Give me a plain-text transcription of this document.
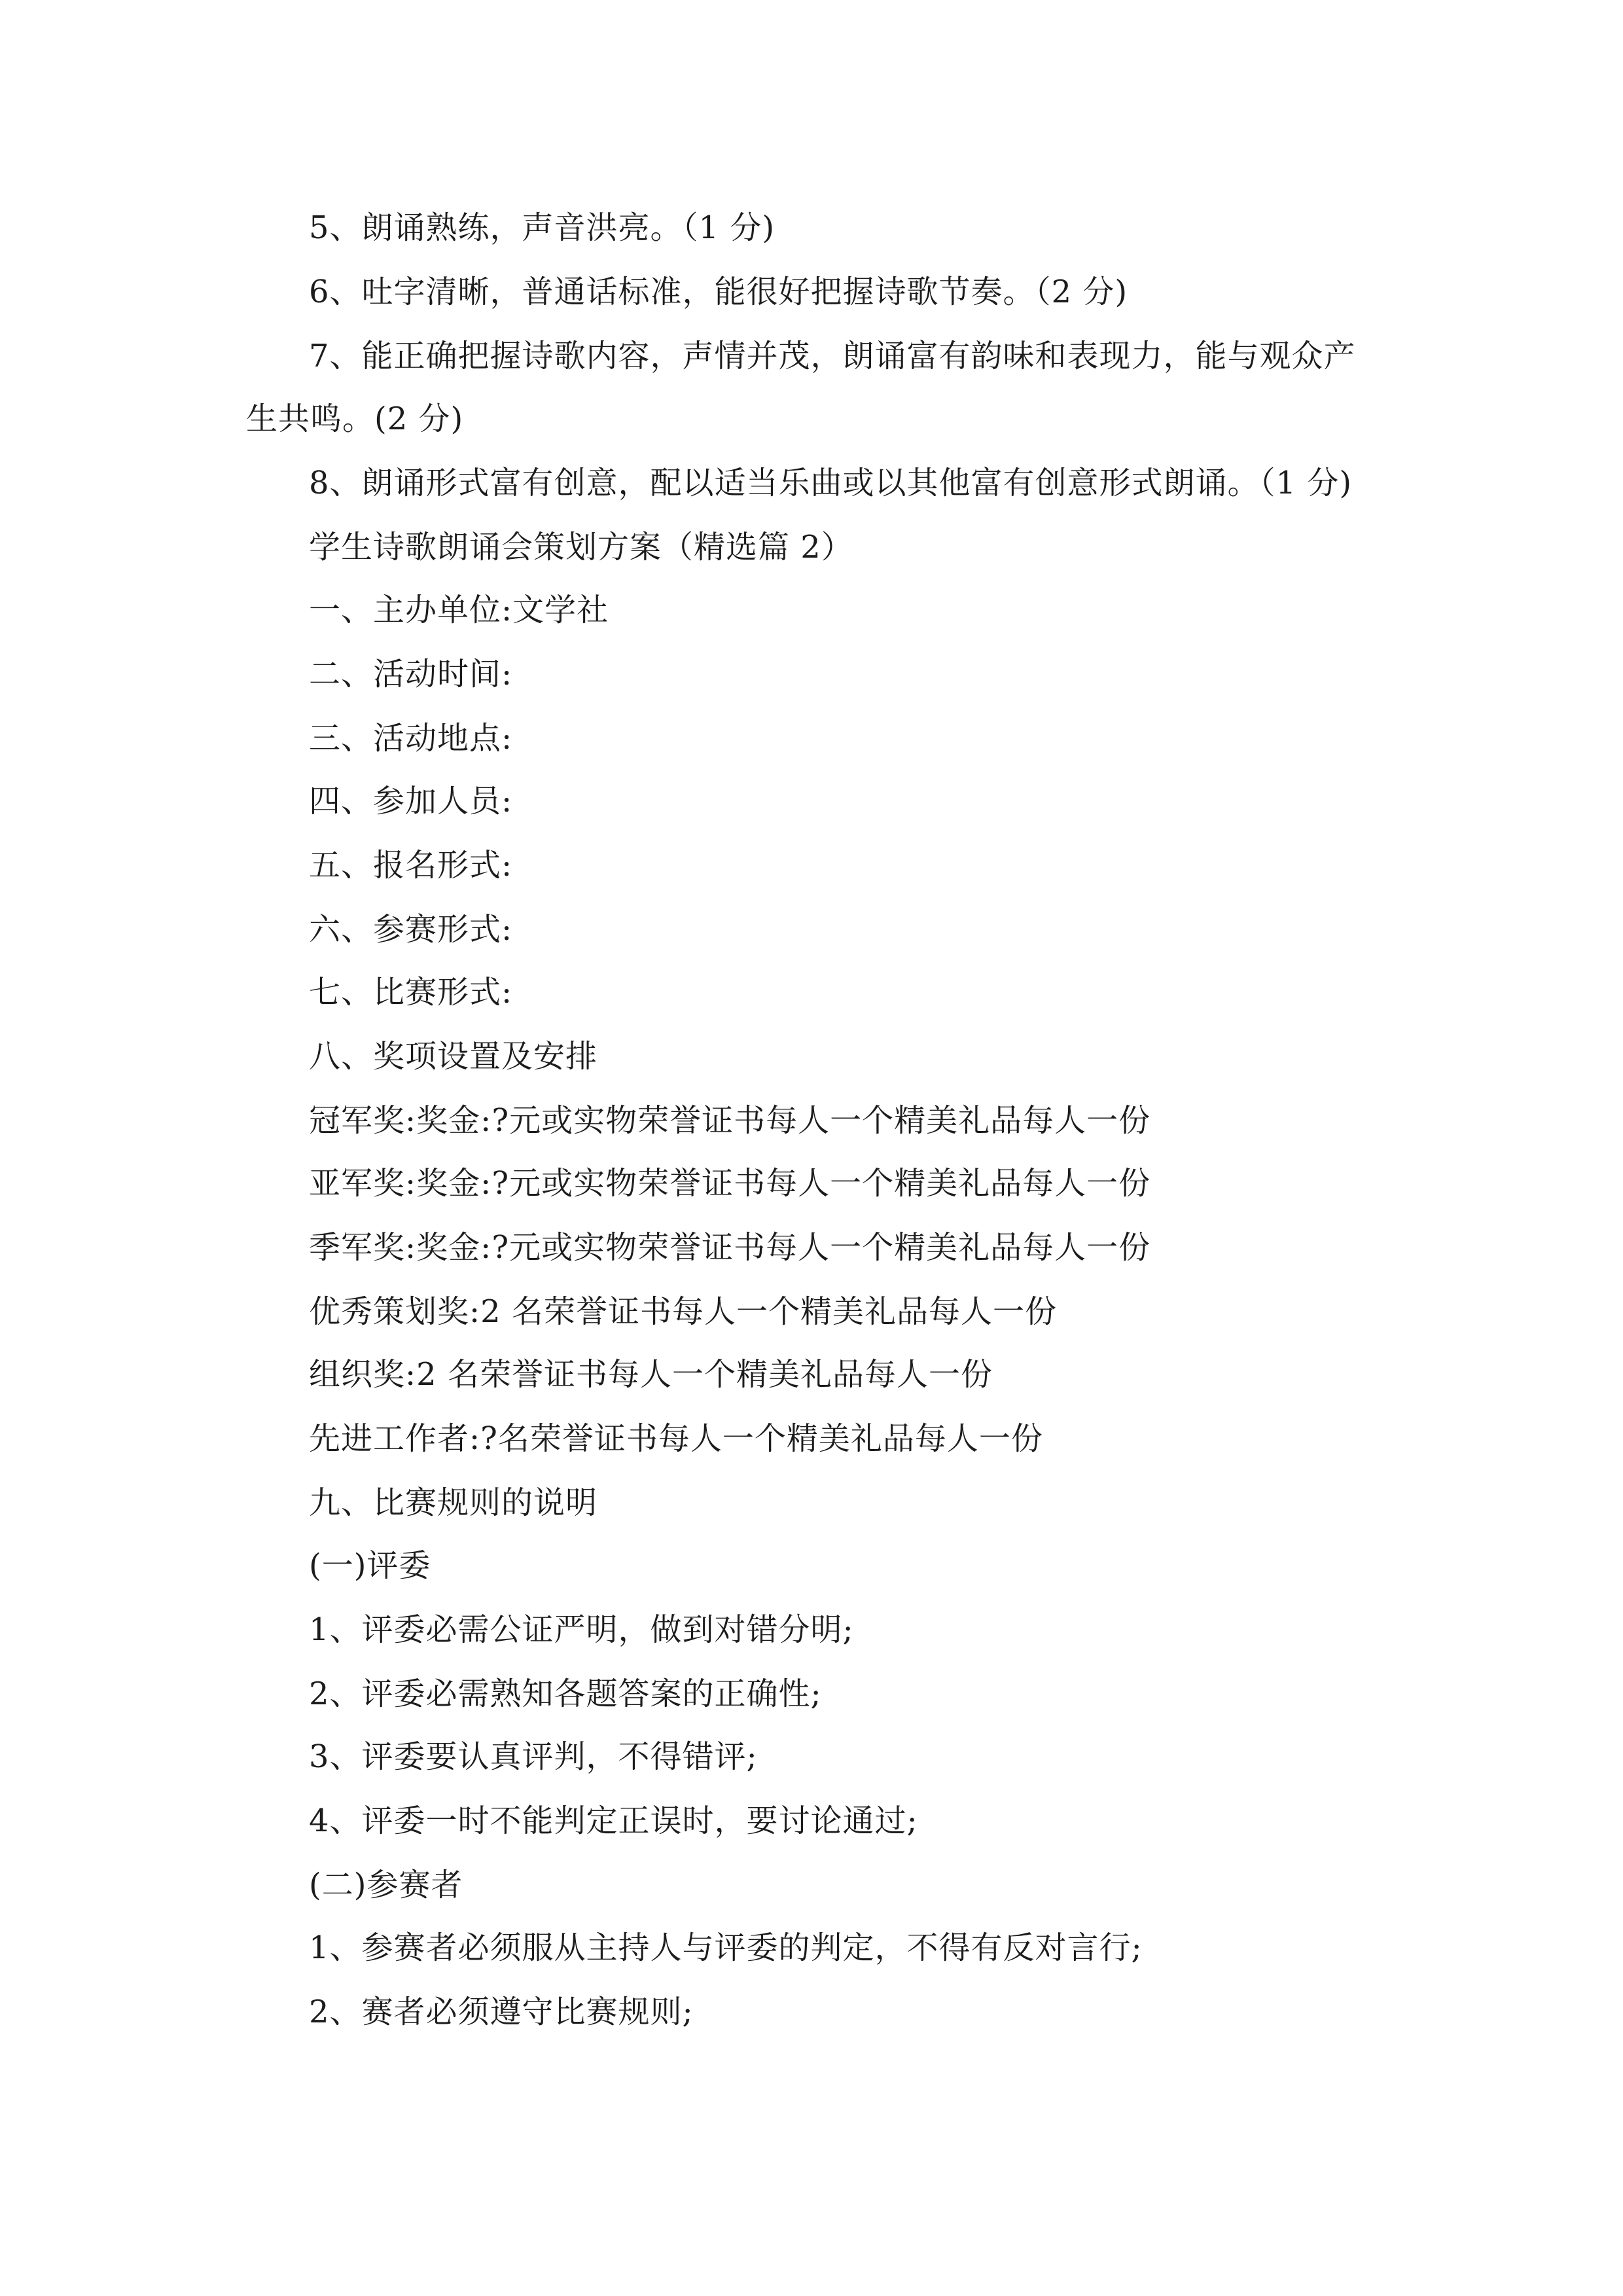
5、朗诵熟练，声音洪亮。（1 分)
6、吐字清晰，普通话标准，能很好把握诗歌节奏。（2 分)
7、能正确把握诗歌内容，声情并茂，朗诵富有韵味和表现力，能与观众产
生共鸣。(2 分)
8、朗诵形式富有创意，配以适当乐曲或以其他富有创意形式朗诵。（1 分)
学生诗歌朗诵会策划方案（精选篇 2）
一、主办单位:文学社
二、活动时间:
三、活动地点:
四、参加人员:
五、报名形式:
六、参赛形式:
七、比赛形式:
八、奖项设置及安排
冠军奖:奖金:?元或实物荣誉证书每人一个精美礼品每人一份
亚军奖:奖金:?元或实物荣誉证书每人一个精美礼品每人一份
季军奖:奖金:?元或实物荣誉证书每人一个精美礼品每人一份
优秀策划奖:2 名荣誉证书每人一个精美礼品每人一份
组织奖:2 名荣誉证书每人一个精美礼品每人一份
先进工作者:?名荣誉证书每人一个精美礼品每人一份
九、比赛规则的说明
(一)评委
1、评委必需公证严明，做到对错分明;
2、评委必需熟知各题答案的正确性;
3、评委要认真评判，不得错评;
4、评委一时不能判定正误时，要讨论通过;
(二)参赛者
1、参赛者必须服从主持人与评委的判定，不得有反对言行;
2、赛者必须遵守比赛规则;
